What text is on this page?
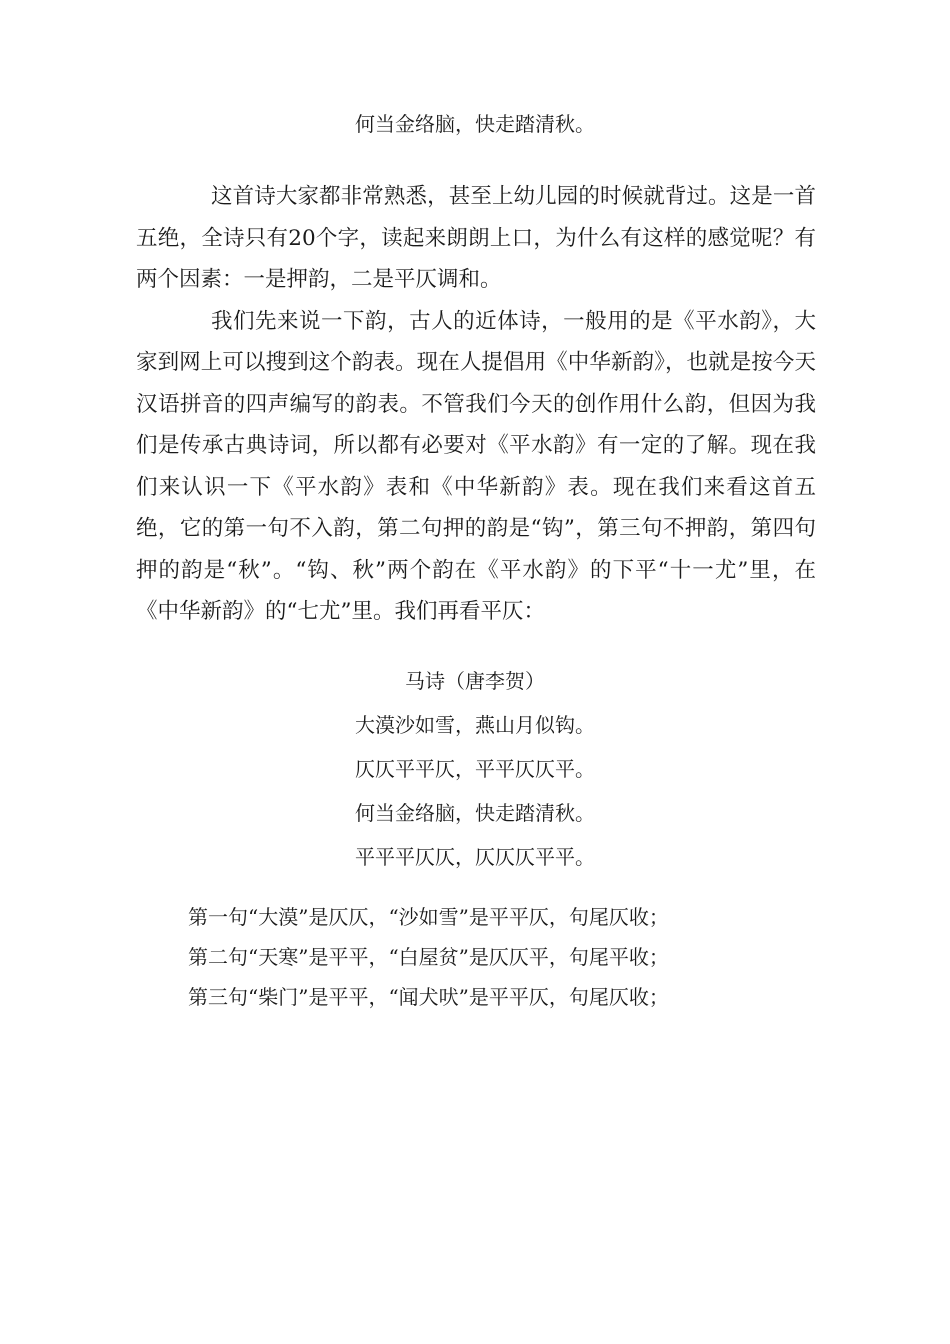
何当金络脑，快走踏清秋。

这首诗大家都非常熟悉，甚至上幼儿园的时候就背过。这是一首五绝，全诗只有20个字，读起来朗朗上口，为什么有这样的感觉呢？有两个因素：一是押韵，二是平仄调和。

我们先来说一下韵，古人的近体诗，一般用的是《平水韵》，大家到网上可以搜到这个韵表。现在人提倡用《中华新韵》，也就是按今天汉语拼音的四声编写的韵表。不管我们今天的创作用什么韵，但因为我们是传承古典诗词，所以都有必要对《平水韵》有一定的了解。现在我们来认识一下《平水韵》表和《中华新韵》表。现在我们来看这首五绝，它的第一句不入韵，第二句押的韵是“钩”，第三句不押韵，第四句押的韵是“秋”。“钩、秋”两个韵在《平水韵》的下平“十一尤”里，在《中华新韵》的“七尤”里。我们再看平仄：

马诗（唐李贺）
大漠沙如雪，燕山月似钩。
仄仄平平仄，平平仄仄平。
何当金络脑，快走踏清秋。
平平平仄仄，仄仄仄平平。
第一句“大漠”是仄仄，“沙如雪”是平平仄，句尾仄收；
第二句“天寒”是平平，“白屋贫”是仄仄平，句尾平收；
第三句“柴门”是平平，“闻犬吠”是平平仄，句尾仄收；
